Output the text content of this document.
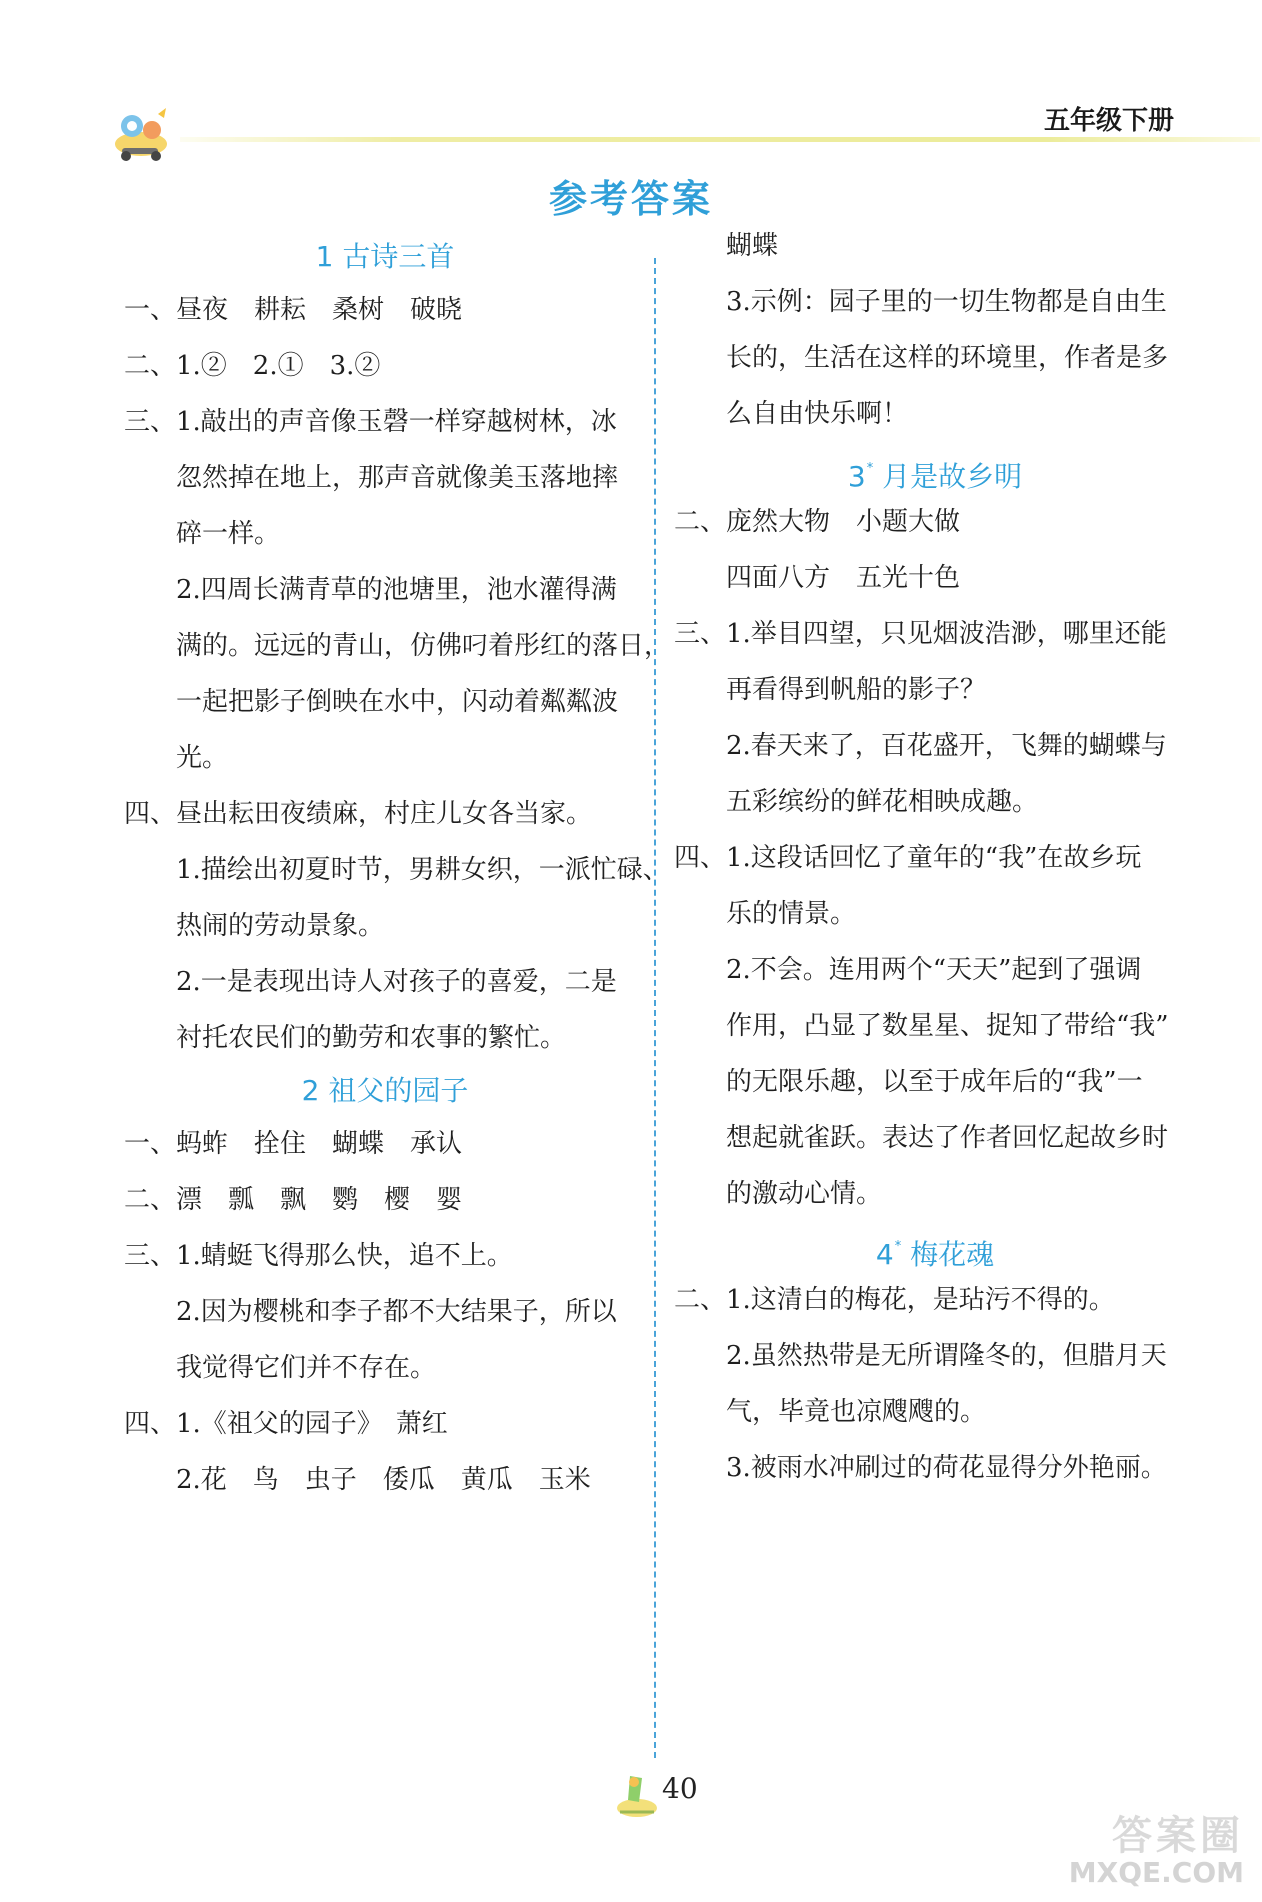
五年级下册
参考答案
1 古诗三首
一、昼夜　耕耘　桑树　破晓
二、1.②　2.①　3.②
三、1.敲出的声音像玉磬一样穿越树林，冰
忽然掉在地上，那声音就像美玉落地摔
碎一样。
2.四周长满青草的池塘里，池水灌得满
满的。远远的青山，仿佛叼着彤红的落日，
一起把影子倒映在水中，闪动着粼粼波
光。
四、昼出耘田夜绩麻，村庄儿女各当家。
1.描绘出初夏时节，男耕女织，一派忙碌、
热闹的劳动景象。
2.一是表现出诗人对孩子的喜爱，二是
衬托农民们的勤劳和农事的繁忙。
2 祖父的园子
一、蚂蚱　拴住　蝴蝶　承认
二、漂　瓢　飘　鹦　樱　婴
三、1.蜻蜓飞得那么快，追不上。
2.因为樱桃和李子都不大结果子，所以
我觉得它们并不存在。
四、1.《祖父的园子》　萧红
2.花　鸟　虫子　倭瓜　黄瓜　玉米
蝴蝶
3.示例：园子里的一切生物都是自由生
长的，生活在这样的环境里，作者是多
么自由快乐啊！
3* 月是故乡明
二、庞然大物　小题大做
四面八方　五光十色
三、1.举目四望，只见烟波浩渺，哪里还能
再看得到帆船的影子？
2.春天来了，百花盛开，飞舞的蝴蝶与
五彩缤纷的鲜花相映成趣。
四、1.这段话回忆了童年的“我”在故乡玩
乐的情景。
2.不会。连用两个“天天”起到了强调
作用，凸显了数星星、捉知了带给“我”
的无限乐趣，以至于成年后的“我”一
想起就雀跃。表达了作者回忆起故乡时
的激动心情。
4* 梅花魂
二、1.这清白的梅花，是玷污不得的。
2.虽然热带是无所谓隆冬的，但腊月天
气，毕竟也凉飕飕的。
3.被雨水冲刷过的荷花显得分外艳丽。
40
答案圈
MXQE.COM
